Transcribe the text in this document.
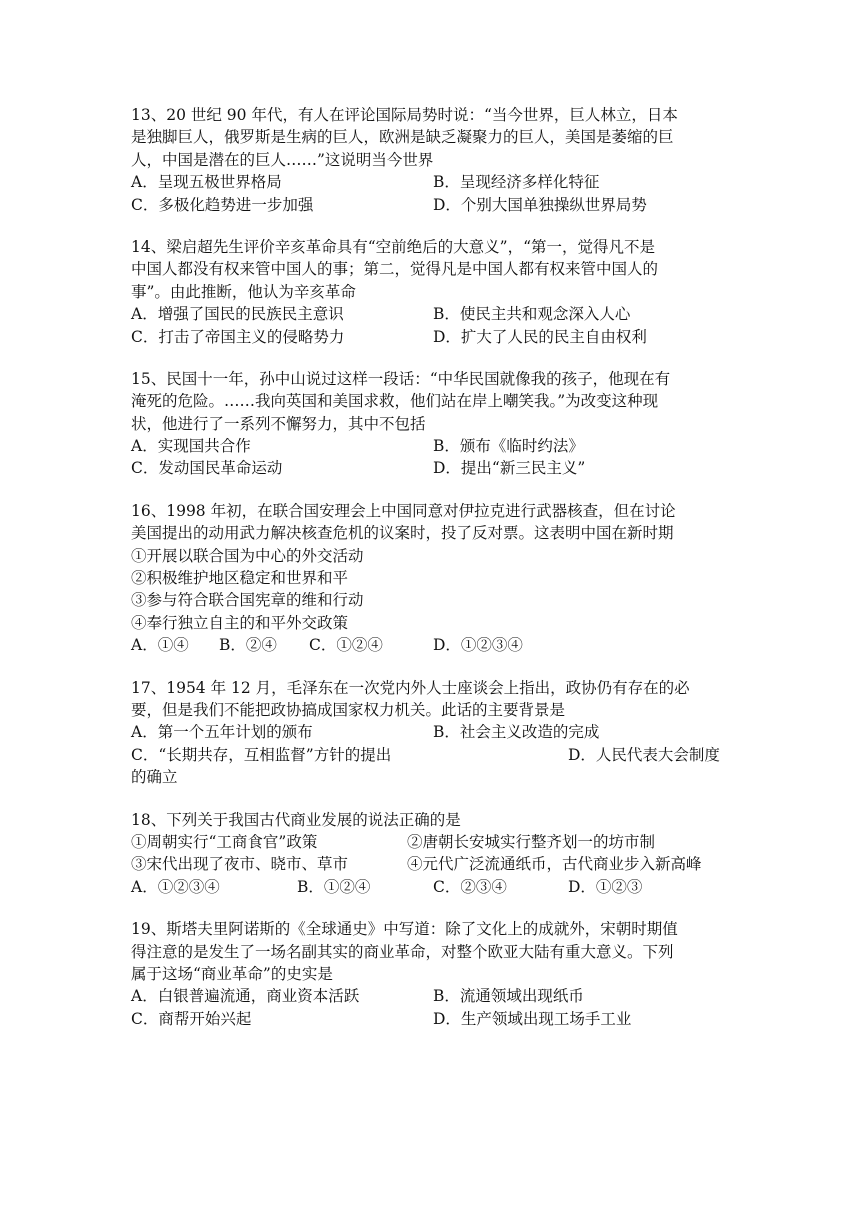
13、20 世纪 90 年代，有人在评论国际局势时说：“当今世界，巨人林立，日本
是独脚巨人，俄罗斯是生病的巨人，欧洲是缺乏凝聚力的巨人，美国是萎缩的巨
人，中国是潜在的巨人……”这说明当今世界
A．呈现五极世界格局	B．呈现经济多样化特征
C．多极化趋势进一步加强	D．个别大国单独操纵世界局势
14、梁启超先生评价辛亥革命具有“空前绝后的大意义”，“第一，觉得凡不是
中国人都没有权来管中国人的事；第二，觉得凡是中国人都有权来管中国人的
事”。由此推断，他认为辛亥革命
A．增强了国民的民族民主意识	B．使民主共和观念深入人心
C．打击了帝国主义的侵略势力	D．扩大了人民的民主自由权利
15、民国十一年，孙中山说过这样一段话：“中华民国就像我的孩子，他现在有
淹死的危险。……我向英国和美国求救，他们站在岸上嘲笑我。”为改变这种现
状，他进行了一系列不懈努力，其中不包括
A．实现国共合作	B．颁布《临时约法》
C．发动国民革命运动	D．提出“新三民主义”
16、1998 年初，在联合国安理会上中国同意对伊拉克进行武器核查，但在讨论
美国提出的动用武力解决核查危机的议案时，投了反对票。这表明中国在新时期
①开展以联合国为中心的外交活动
②积极维护地区稳定和世界和平
③参与符合联合国宪章的维和行动
④奉行独立自主的和平外交政策
A．①④ B．②④ C．①②④	D．①②③④
17、1954 年 12 月，毛泽东在一次党内外人士座谈会上指出，政协仍有存在的必
要，但是我们不能把政协搞成国家权力机关。此话的主要背景是
A．第一个五年计划的颁布	B．社会主义改造的完成
C．“长期共存，互相监督”方针的提出	D．人民代表大会制度
的确立
18、下列关于我国古代商业发展的说法正确的是
①周朝实行“工商食官”政策	②唐朝长安城实行整齐划一的坊市制
③宋代出现了夜市、晓市、草市	④元代广泛流通纸币，古代商业步入新高峰
A．①②③④	B．①②④	C．②③④	D．①②③
19、斯塔夫里阿诺斯的《全球通史》中写道：除了文化上的成就外，宋朝时期值
得注意的是发生了一场名副其实的商业革命，对整个欧亚大陆有重大意义。下列
属于这场“商业革命”的史实是
A．白银普遍流通，商业资本活跃	B．流通领域出现纸币
C．商帮开始兴起	D．生产领域出现工场手工业
